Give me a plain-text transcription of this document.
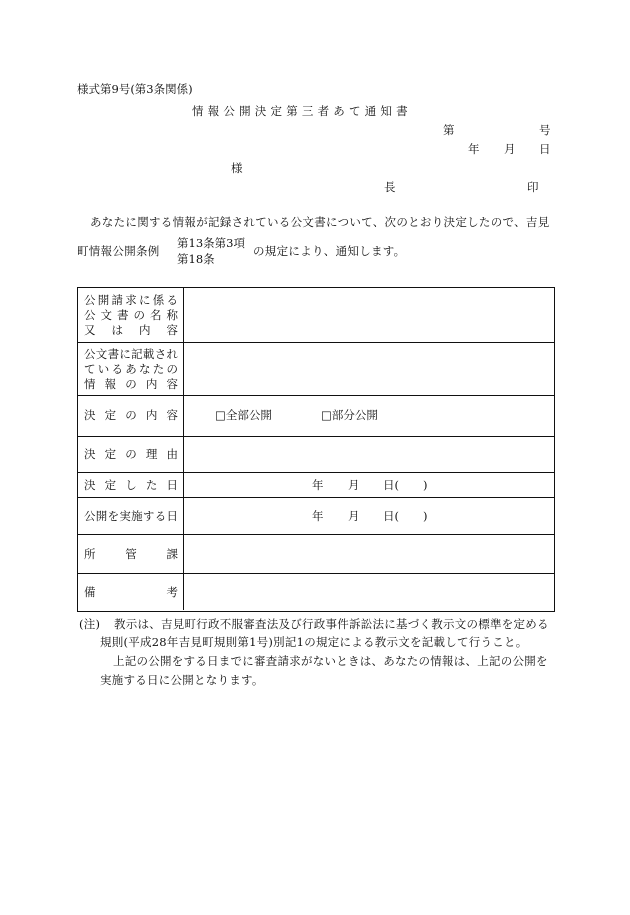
様式第9号(第3条関係)
情報公開決定第三者あて通知書
第	号
年 月 日
様
長	印
あなたに関する情報が記録されている公文書について、次のとおり決定したので、吉見
町情報公開条例
第13条第3項
第18条
の規定により、通知します。
公開請求に係る
公文書の名称
又は内容
公文書に記載され
ているあなたの
情報の内容
決定の内容	□全部公開	□部分公開
決定の理由
決定した日	年 月 日( )
公開を実施する日	年 月 日( )
所管課
備考
(注) 教示は、吉見町行政不服審査法及び行政事件訴訟法に基づく教示文の標準を定める
規則(平成28年吉見町規則第1号)別記1の規定による教示文を記載して行うこと。
上記の公開をする日までに審査請求がないときは、あなたの情報は、上記の公開を
実施する日に公開となります。
